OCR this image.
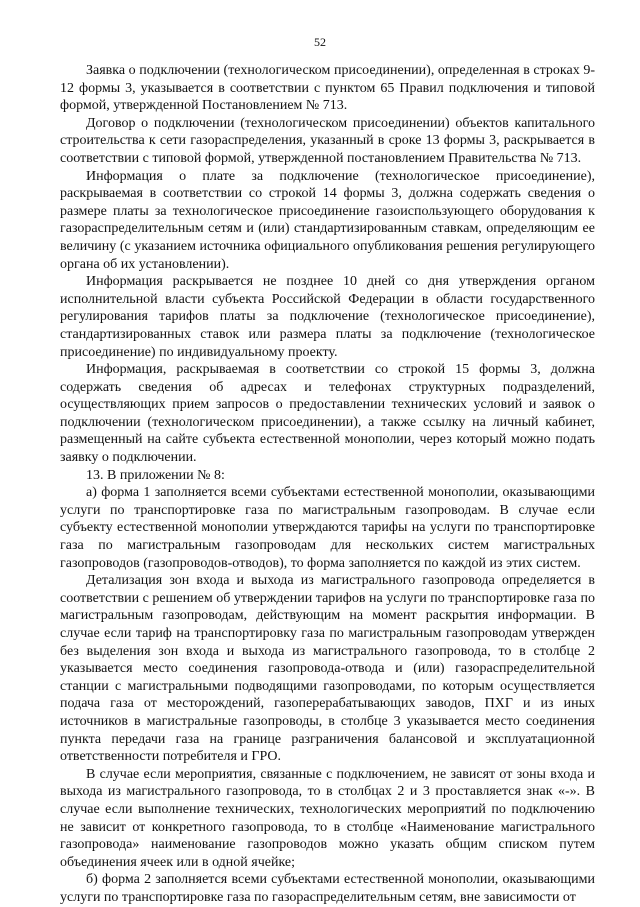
52

Заявка о подключении (технологическом присоединении), определенная в строках 9-12 формы 3, указывается в соответствии с пунктом 65 Правил подключения и типовой формой, утвержденной Постановлением № 713.

Договор о подключении (технологическом присоединении) объектов капитального строительства к сети газораспределения, указанный в сроке 13 формы 3, раскрывается в соответствии с типовой формой, утвержденной постановлением Правительства № 713.

Информация о плате за подключение (технологическое присоединение), раскрываемая в соответствии со строкой 14 формы 3, должна содержать сведения о размере платы за технологическое присоединение газоиспользующего оборудования к газораспределительным сетям и (или) стандартизированным ставкам, определяющим ее величину (с указанием источника официального опубликования решения регулирующего органа об их установлении).

Информация раскрывается не позднее 10 дней со дня утверждения органом исполнительной власти субъекта Российской Федерации в области государственного регулирования тарифов платы за подключение (технологическое присоединение), стандартизированных ставок или размера платы за подключение (технологическое присоединение) по индивидуальному проекту.

Информация, раскрываемая в соответствии со строкой 15 формы 3, должна содержать сведения об адресах и телефонах структурных подразделений, осуществляющих прием запросов о предоставлении технических условий и заявок о подключении (технологическом присоединении), а также ссылку на личный кабинет, размещенный на сайте субъекта естественной монополии, через который можно подать заявку о подключении.

13. В приложении № 8:

а) форма 1 заполняется всеми субъектами естественной монополии, оказывающими услуги по транспортировке газа по магистральным газопроводам. В случае если субъекту естественной монополии утверждаются тарифы на услуги по транспортировке газа по магистральным газопроводам для нескольких систем магистральных газопроводов (газопроводов-отводов), то форма заполняется по каждой из этих систем.

Детализация зон входа и выхода из магистрального газопровода определяется в соответствии с решением об утверждении тарифов на услуги по транспортировке газа по магистральным газопроводам, действующим на момент раскрытия информации. В случае если тариф на транспортировку газа по магистральным газопроводам утвержден без выделения зон входа и выхода из магистрального газопровода, то в столбце 2 указывается место соединения газопровода-отвода и (или) газораспределительной станции с магистральными подводящими газопроводами, по которым осуществляется подача газа от месторождений, газоперерабатывающих заводов, ПХГ и из иных источников в магистральные газопроводы, в столбце 3 указывается место соединения пункта передачи газа на границе разграничения балансовой и эксплуатационной ответственности потребителя и ГРО.

В случае если мероприятия, связанные с подключением, не зависят от зоны входа и выхода из магистрального газопровода, то в столбцах 2 и 3 проставляется знак «-». В случае если выполнение технических, технологических мероприятий по подключению не зависит от конкретного газопровода, то в столбце «Наименование магистрального газопровода» наименование газопроводов можно указать общим списком путем объединения ячеек или в одной ячейке;

б) форма 2 заполняется всеми субъектами естественной монополии, оказывающими услуги по транспортировке газа по газораспределительным сетям, вне зависимости от
